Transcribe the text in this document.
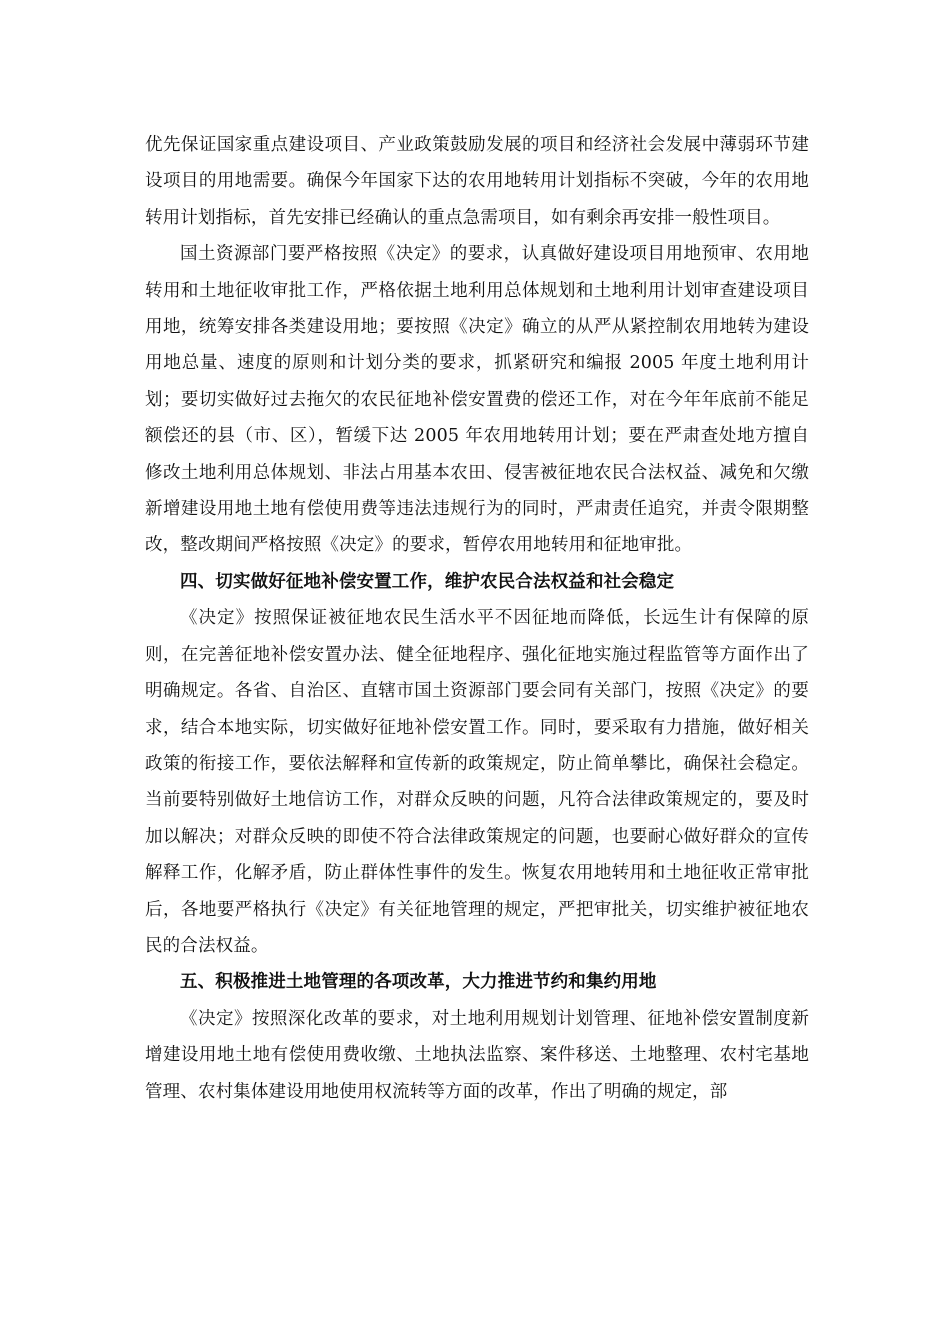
优先保证国家重点建设项目、产业政策鼓励发展的项目和经济社会发展中薄弱环节建设项目的用地需要。确保今年国家下达的农用地转用计划指标不突破，今年的农用地转用计划指标，首先安排已经确认的重点急需项目，如有剩余再安排一般性项目。

国土资源部门要严格按照《决定》的要求，认真做好建设项目用地预审、农用地转用和土地征收审批工作，严格依据土地利用总体规划和土地利用计划审查建设项目用地，统筹安排各类建设用地；要按照《决定》确立的从严从紧控制农用地转为建设用地总量、速度的原则和计划分类的要求，抓紧研究和编报 2005 年度土地利用计划；要切实做好过去拖欠的农民征地补偿安置费的偿还工作，对在今年年底前不能足额偿还的县（市、区），暂缓下达 2005 年农用地转用计划；要在严肃查处地方擅自修改土地利用总体规划、非法占用基本农田、侵害被征地农民合法权益、减免和欠缴新增建设用地土地有偿使用费等违法违规行为的同时，严肃责任追究，并责令限期整改，整改期间严格按照《决定》的要求，暂停农用地转用和征地审批。

四、切实做好征地补偿安置工作，维护农民合法权益和社会稳定

《决定》按照保证被征地农民生活水平不因征地而降低，长远生计有保障的原则，在完善征地补偿安置办法、健全征地程序、强化征地实施过程监管等方面作出了明确规定。各省、自治区、直辖市国土资源部门要会同有关部门，按照《决定》的要求，结合本地实际，切实做好征地补偿安置工作。同时，要采取有力措施，做好相关政策的衔接工作，要依法解释和宣传新的政策规定，防止简单攀比，确保社会稳定。当前要特别做好土地信访工作，对群众反映的问题，凡符合法律政策规定的，要及时加以解决；对群众反映的即使不符合法律政策规定的问题，也要耐心做好群众的宣传解释工作，化解矛盾，防止群体性事件的发生。恢复农用地转用和土地征收正常审批后，各地要严格执行《决定》有关征地管理的规定，严把审批关，切实维护被征地农民的合法权益。

五、积极推进土地管理的各项改革，大力推进节约和集约用地

《决定》按照深化改革的要求，对土地利用规划计划管理、征地补偿安置制度新增建设用地土地有偿使用费收缴、土地执法监察、案件移送、土地整理、农村宅基地管理、农村集体建设用地使用权流转等方面的改革，作出了明确的规定，部
